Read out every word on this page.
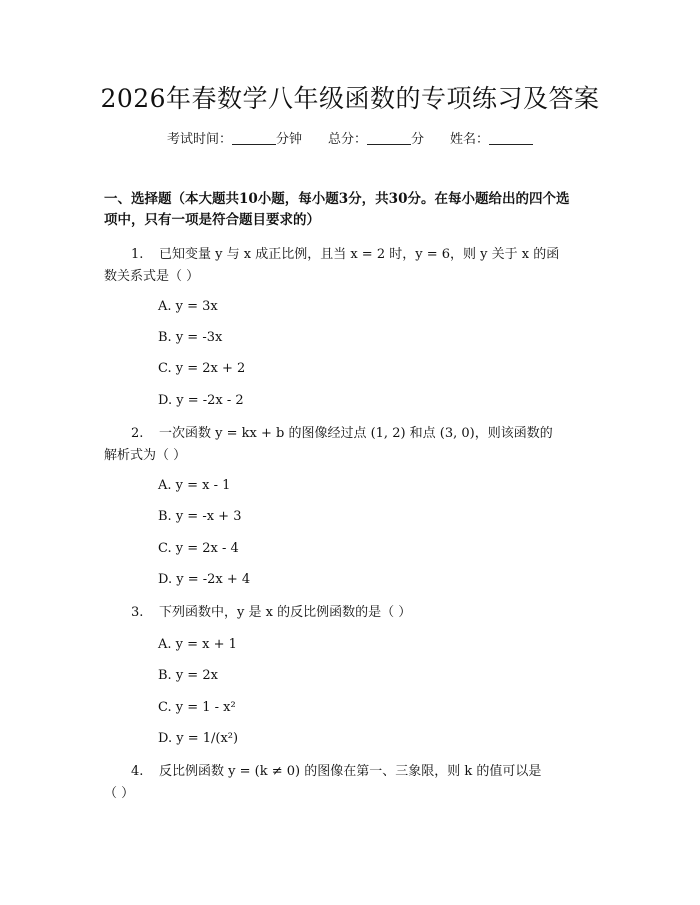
2026年春数学八年级函数的专项练习及答案
考试时间：	分钟 总分：	分 姓名：
一、选择题（本大题共10小题，每小题3分，共30分。在每小题给出的四个选
项中，只有一项是符合题目要求的）
1. 已知变量 y 与 x 成正比例，且当 x = 2 时，y = 6，则 y 关于 x 的函
数关系式是（ ）
A. y = 3x
B. y = -3x
C. y = 2x + 2
D. y = -2x - 2
2. 一次函数 y = kx + b 的图像经过点 (1, 2) 和点 (3, 0)，则该函数的
解析式为（ ）
A. y = x - 1
B. y = -x + 3
C. y = 2x - 4
D. y = -2x + 4
3. 下列函数中，y 是 x 的反比例函数的是（ ）
A. y = x + 1
B. y = 2x
C. y = 1 - x²
D. y = 1/(x²)
4. 反比例函数 y = (k ≠ 0) 的图像在第一、三象限，则 k 的值可以是
（ ）
